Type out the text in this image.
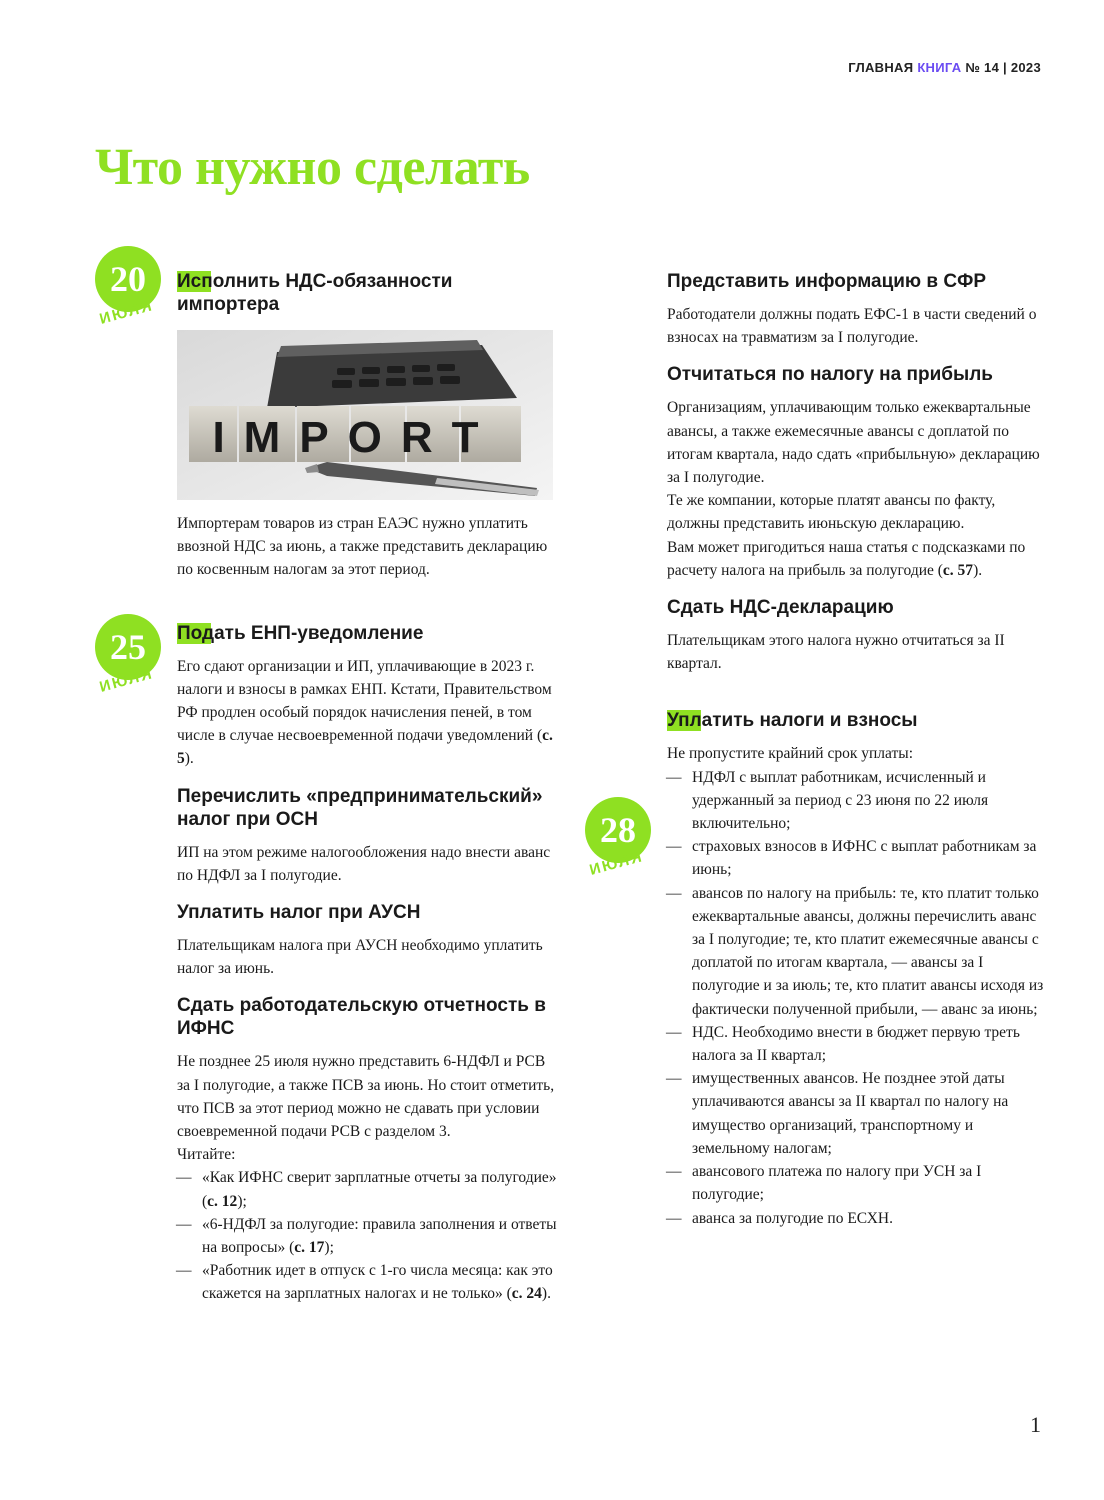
ГЛАВНАЯ КНИГА № 14 | 2023
Что нужно сделать
20
ИЮЛЯ
25
ИЮЛЯ
28
ИЮЛЯ
Исполнить НДС-обязанности импортера
IMPORT

Импортерам товаров из стран ЕАЭС нужно уплатить ввозной НДС за июнь, а также представить декларацию по косвенным налогам за этот период.

Подать ЕНП-уведомление

Его сдают организации и ИП, уплачивающие в 2023 г. налоги и взносы в рамках ЕНП. Кстати, Правительством РФ продлен особый порядок начисления пеней, в том числе в случае несвоевременной подачи уведомлений (с. 5).

Перечислить «предпринимательский» налог при ОСН

ИП на этом режиме налогообложения надо внести аванс по НДФЛ за I полугодие.

Уплатить налог при АУСН

Плательщикам налога при АУСН необходимо уплатить налог за июнь.

Сдать работодательскую отчетность в ИФНС

Не позднее 25 июля нужно представить 6-НДФЛ и РСВ за I полугодие, а также ПСВ за июнь. Но стоит отметить, что ПСВ за этот период можно не сдавать при условии своевременной подачи РСВ с разделом 3.

Читайте:

— «Как ИФНС сверит зарплатные отчеты за полугодие» (с. 12);
— «6-НДФЛ за полугодие: правила заполнения и ответы на вопросы» (с. 17);
— «Работник идет в отпуск с 1-го числа месяца: как это скажется на зарплатных налогах и не только» (с. 24).
Представить информацию в СФР

Работодатели должны подать ЕФС-1 в части сведений о взносах на травматизм за I полугодие.

Отчитаться по налогу на прибыль

Организациям, уплачивающим только ежеквартальные авансы, а также ежемесячные авансы с доплатой по итогам квартала, надо сдать «прибыльную» декларацию за I полугодие.

Те же компании, которые платят авансы по факту, должны представить июньскую декларацию.

Вам может пригодиться наша статья с подсказками по расчету налога на прибыль за полугодие (с. 57).

Сдать НДС-декларацию

Плательщикам этого налога нужно отчитаться за II квартал.

Уплатить налоги и взносы

Не пропустите крайний срок уплаты:

— НДФЛ с выплат работникам, исчисленный и удержанный за период с 23 июня по 22 июля включительно;
— страховых взносов в ИФНС с выплат работникам за июнь;
— авансов по налогу на прибыль: те, кто платит только ежеквартальные авансы, должны перечислить аванс за I полугодие; те, кто платит ежемесячные авансы с доплатой по итогам квартала, — авансы за I полугодие и за июль; те, кто платит авансы исходя из фактически полученной прибыли, — аванс за июнь;
— НДС. Необходимо внести в бюджет первую треть налога за II квартал;
— имущественных авансов. Не позднее этой даты уплачиваются авансы за II квартал по налогу на имущество организаций, транспортному и земельному налогам;
— авансового платежа по налогу при УСН за I полугодие;
— аванса за полугодие по ЕСХН.
1
